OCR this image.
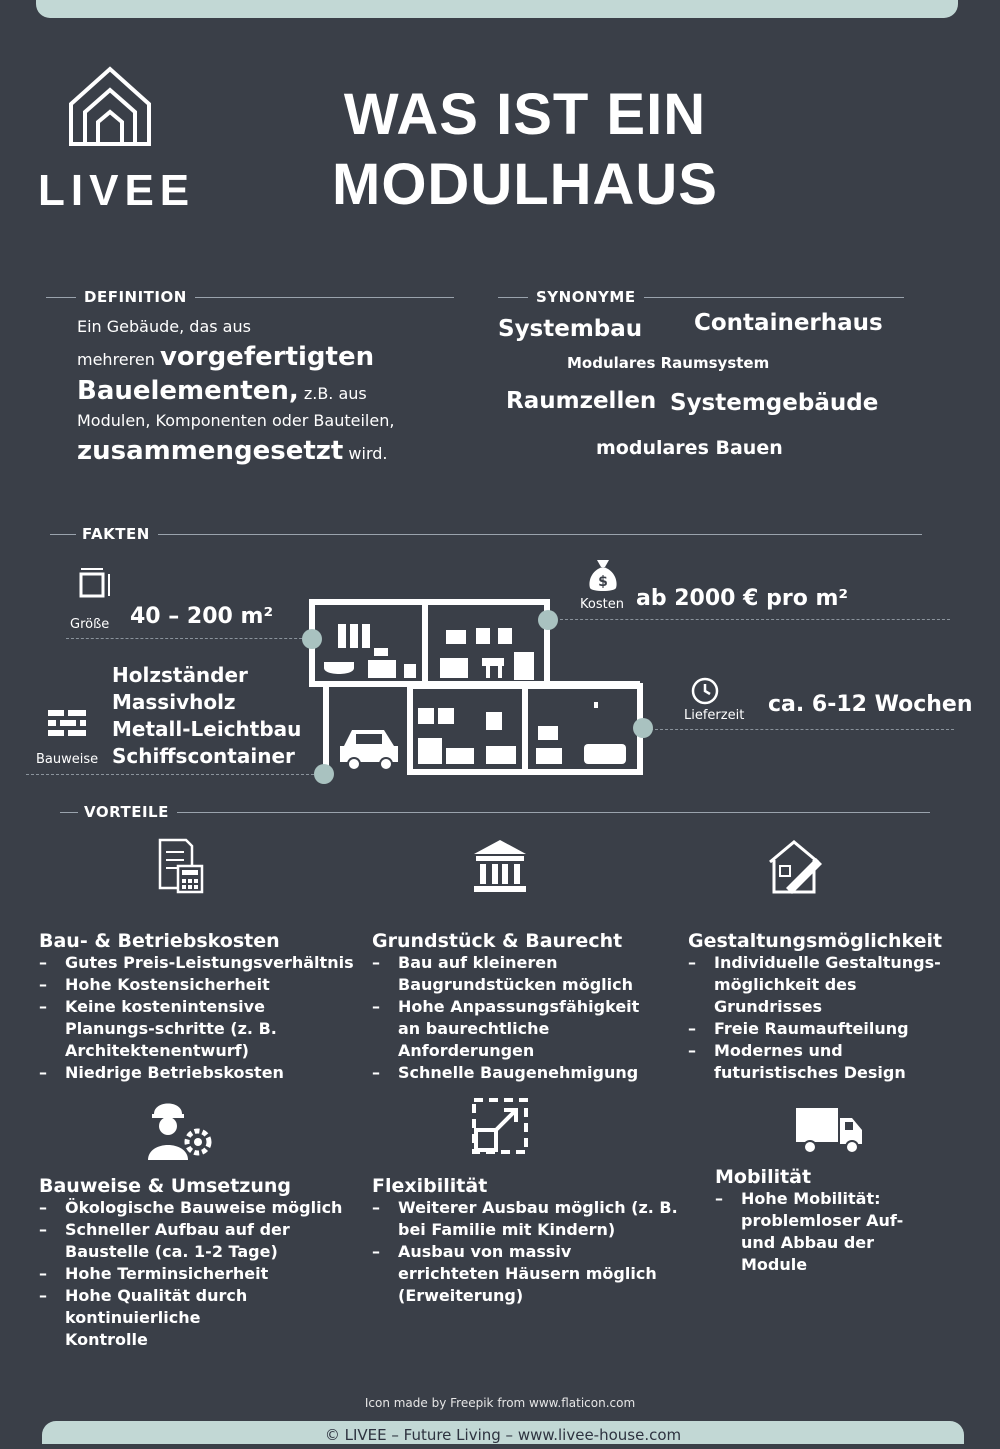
LIVEE
WAS IST EIN
MODULHAUS
DEFINITION
Ein Gebäude, das aus
mehreren vorgefertigten
Bauelementen, z.B. aus
Modulen, Komponenten oder Bauteilen,
zusammengesetzt wird.
SYNONYME
Systembau Containerhaus
Modulares Raumsystem
Raumzellen Systemgebäude
modulares Bauen
FAKTEN
Größe 40 – 200 m²
$
Kosten ab 2000 € pro m²
Lieferzeit ca. 6-12 Wochen
Bauweise
Holzständer
Massivholz
Metall-Leichtbau
Schiffscontainer
VORTEILE
Bau- & Betriebskosten
– Gutes Preis-Leistungsverhältnis
– Hohe Kostensicherheit
– Keine kostenintensive Planungs-schritte (z. B. Architektenentwurf)
– Niedrige Betriebskosten
Grundstück & Baurecht
– Bau auf kleineren Baugrundstücken möglich
– Hohe Anpassungsfähigkeit an baurechtliche Anforderungen
– Schnelle Baugenehmigung
Gestaltungsmöglichkeit
– Individuelle Gestaltungs-möglichkeit des Grundrisses
– Freie Raumaufteilung
– Modernes und futuristisches Design
Bauweise & Umsetzung
– Ökologische Bauweise möglich
– Schneller Aufbau auf der Baustelle (ca. 1-2 Tage)
– Hohe Terminsicherheit
– Hohe Qualität durch kontinuierliche Kontrolle
Flexibilität
– Weiterer Ausbau möglich (z. B. bei Familie mit Kindern)
– Ausbau von massiv errichteten Häusern möglich (Erweiterung)
Mobilität
– Hohe Mobilität: problemloser Auf- und Abbau der Module
Icon made by Freepik from www.flaticon.com
© LIVEE – Future Living – www.livee-house.com
